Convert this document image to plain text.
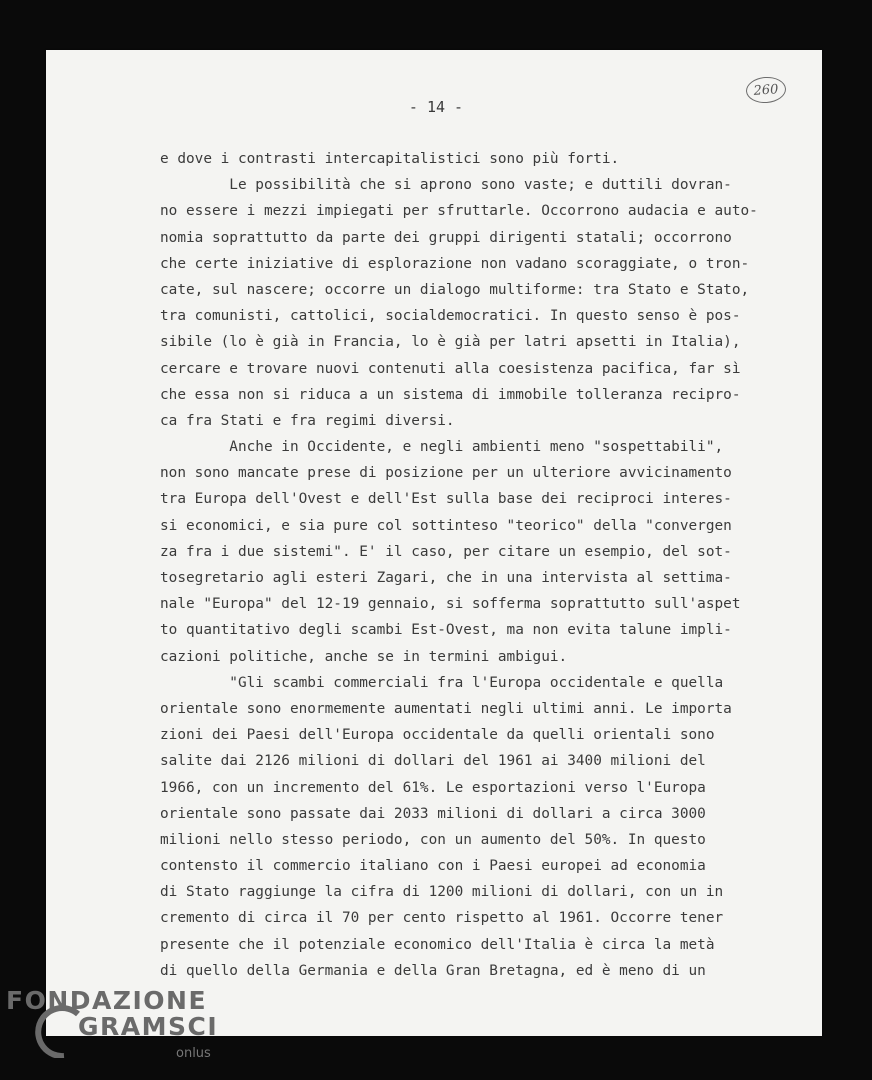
260
- 14 -
e dove i contrasti intercapitalistici sono più forti.
Le possibilità che si aprono sono vaste; e duttili dovran-
no essere i mezzi impiegati per sfruttarle. Occorrono audacia e auto-
nomia soprattutto da parte dei gruppi dirigenti statali; occorrono
che certe iniziative di esplorazione non vadano scoraggiate, o tron-
cate, sul nascere; occorre un dialogo multiforme: tra Stato e Stato,
tra comunisti, cattolici, socialdemocratici. In questo senso è pos-
sibile (lo è già in Francia, lo è già per latri apsetti in Italia),
cercare e trovare nuovi contenuti alla coesistenza pacifica, far sì
che essa non si riduca a un sistema di immobile tolleranza recipro-
ca fra Stati e fra regimi diversi.
Anche in Occidente, e negli ambienti meno "sospettabili",
non sono mancate prese di posizione per un ulteriore avvicinamento
tra Europa dell'Ovest e dell'Est sulla base dei reciproci interes-
si economici, e sia pure col sottinteso "teorico" della "convergen
za fra i due sistemi". E' il caso, per citare un esempio, del sot-
tosegretario agli esteri Zagari, che in una intervista al settima-
nale "Europa" del 12-19 gennaio, si sofferma soprattutto sull'aspet
to quantitativo degli scambi Est-Ovest, ma non evita talune impli-
cazioni politiche, anche se in termini ambigui.
"Gli scambi commerciali fra l'Europa occidentale e quella
orientale sono enormemente aumentati negli ultimi anni. Le importa
zioni dei Paesi dell'Europa occidentale da quelli orientali sono
salite dai 2126 milioni di dollari del 1961 ai 3400 milioni del
1966, con un incremento del 61%. Le esportazioni verso l'Europa
orientale sono passate dai 2033 milioni di dollari a circa 3000
milioni nello stesso periodo, con un aumento del 50%. In questo
contensto il commercio italiano con i Paesi europei ad economia
di Stato raggiunge la cifra di 1200 milioni di dollari, con un in
cremento di circa il 70 per cento rispetto al 1961. Occorre tener
presente che il potenziale economico dell'Italia è circa la metà
di quello della Germania e della Gran Bretagna, ed è meno di un
FONDAZIONE
GRAMSCI
onlus
